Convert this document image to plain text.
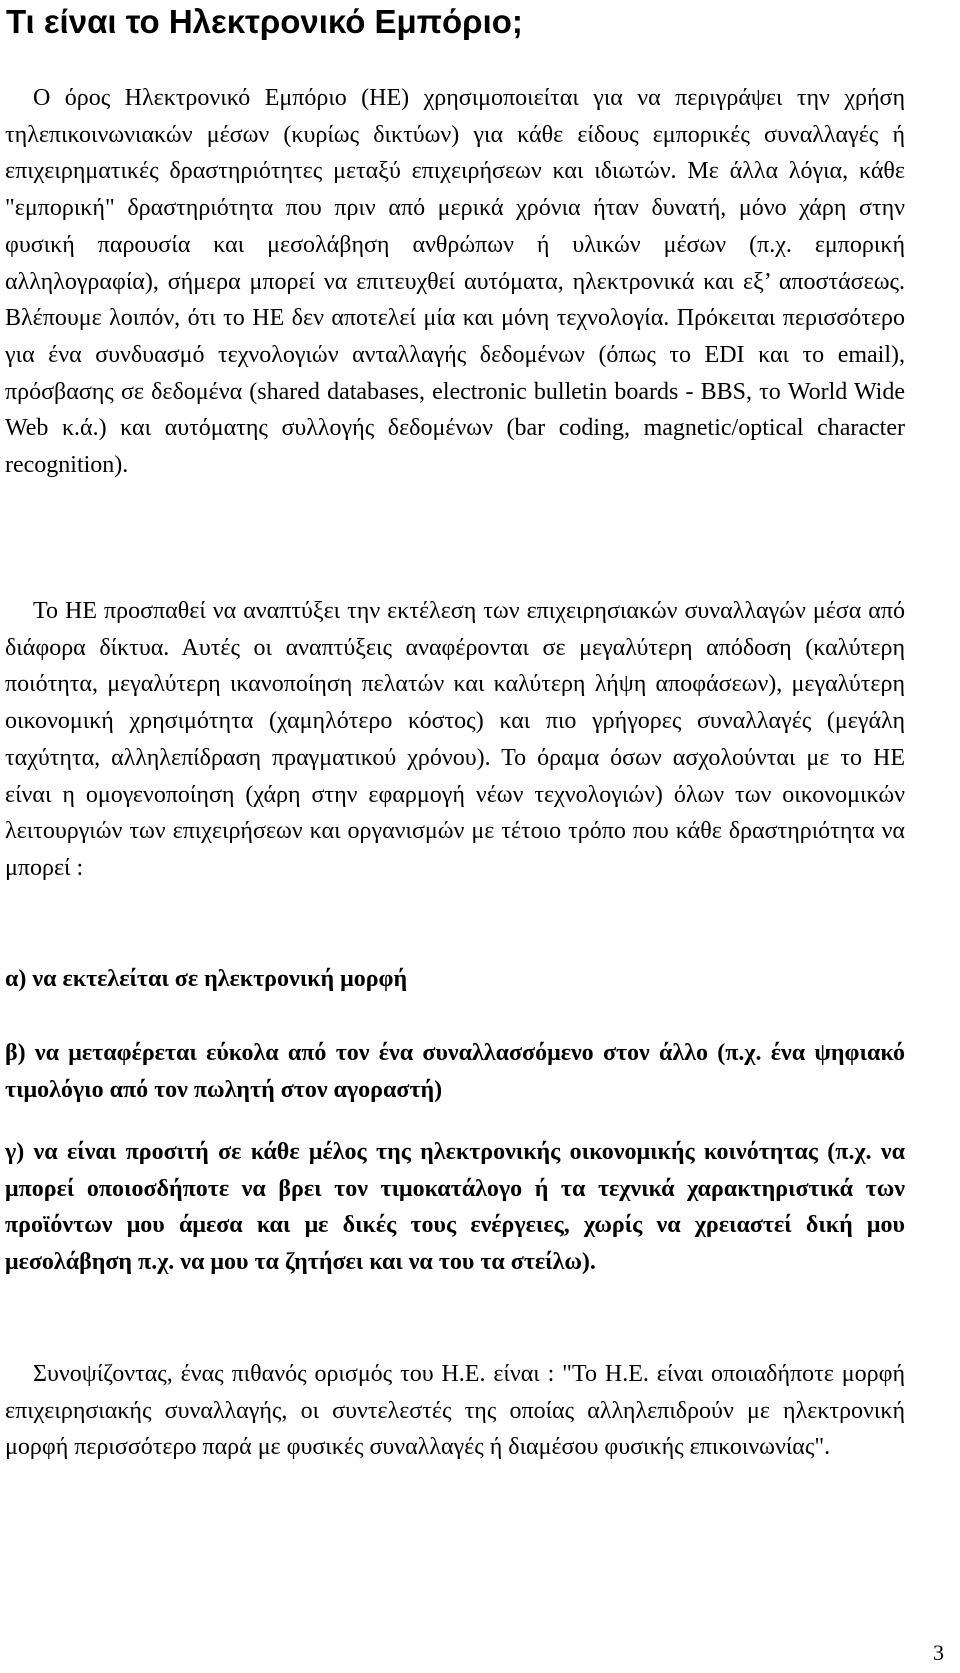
Τι είναι το Ηλεκτρονικό Εμπόριο;

Ο όρος Ηλεκτρονικό Εμπόριο (ΗΕ) χρησιμοποιείται για να περιγράψει την χρήση τηλεπικοινωνιακών μέσων (κυρίως δικτύων) για κάθε είδους εμπορικές συναλλαγές ή επιχειρηματικές δραστηριότητες μεταξύ επιχειρήσεων και ιδιωτών. Με άλλα λόγια, κάθε "εμπορική" δραστηριότητα που πριν από μερικά χρόνια ήταν δυνατή, μόνο χάρη στην φυσική παρουσία και μεσολάβηση ανθρώπων ή υλικών μέσων (π.χ. εμπορική αλληλογραφία), σήμερα μπορεί να επιτευχθεί αυτόματα, ηλεκτρονικά και εξ’ αποστάσεως. Βλέπουμε λοιπόν, ότι το ΗΕ δεν αποτελεί μία και μόνη τεχνολογία. Πρόκειται περισσότερο για ένα συνδυασμό τεχνολογιών ανταλλαγής δεδομένων (όπως το EDI και το email), πρόσβασης σε δεδομένα (shared databases, electronic bulletin boards - BBS, το World Wide Web κ.ά.) και αυτόματης συλλογής δεδομένων (bar coding, magnetic/optical character recognition).

Το ΗΕ προσπαθεί να αναπτύξει την εκτέλεση των επιχειρησιακών συναλλαγών μέσα από διάφορα δίκτυα. Αυτές οι αναπτύξεις αναφέρονται σε μεγαλύτερη απόδοση (καλύτερη ποιότητα, μεγαλύτερη ικανοποίηση πελατών και καλύτερη λήψη αποφάσεων), μεγαλύτερη οικονομική χρησιμότητα (χαμηλότερο κόστος) και πιο γρήγορες συναλλαγές (μεγάλη ταχύτητα, αλληλεπίδραση πραγματικού χρόνου). Το όραμα όσων ασχολούνται με το ΗΕ είναι η ομογενοποίηση (χάρη στην εφαρμογή νέων τεχνολογιών) όλων των οικονομικών λειτουργιών των επιχειρήσεων και οργανισμών με τέτοιο τρόπο που κάθε δραστηριότητα να μπορεί :

α) να εκτελείται σε ηλεκτρονική μορφή

β) να μεταφέρεται εύκολα από τον ένα συναλλασσόμενο στον άλλο (π.χ. ένα ψηφιακό τιμολόγιο από τον πωλητή στον αγοραστή)

γ) να είναι προσιτή σε κάθε μέλος της ηλεκτρονικής οικονομικής κοινότητας (π.χ. να μπορεί οποιοσδήποτε να βρει τον τιμοκατάλογο ή τα τεχνικά χαρακτηριστικά των προϊόντων μου άμεσα και με δικές τους ενέργειες, χωρίς να χρειαστεί δική μου μεσολάβηση π.χ. να μου τα ζητήσει και να του τα στείλω).

Συνοψίζοντας, ένας πιθανός ορισμός του Η.Ε. είναι : "Το Η.Ε. είναι οποιαδήποτε μορφή επιχειρησιακής συναλλαγής, οι συντελεστές της οποίας αλληλεπιδρούν με ηλεκτρονική μορφή περισσότερο παρά με φυσικές συναλλαγές ή διαμέσου φυσικής επικοινωνίας".

3
